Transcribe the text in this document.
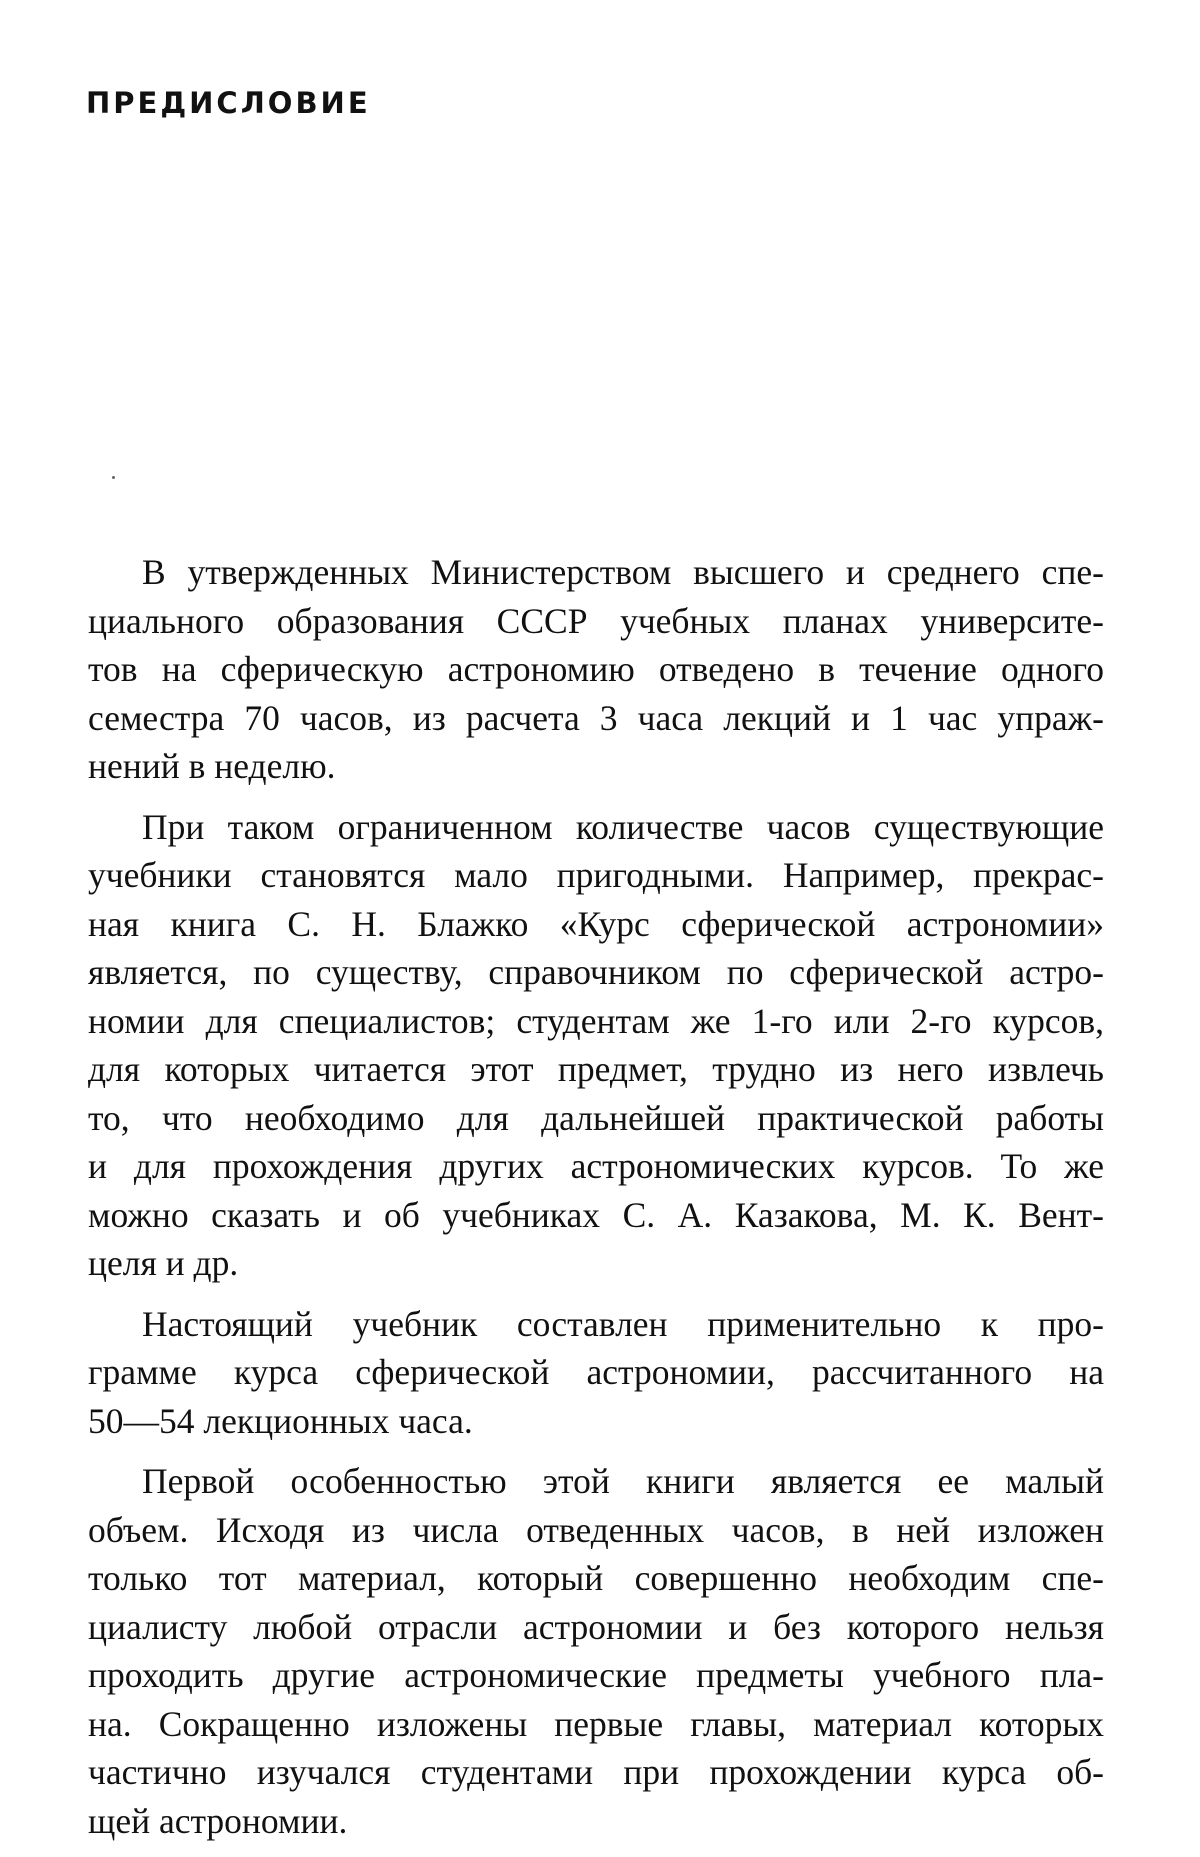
ПРЕДИСЛОВИЕ
В утвержденных Министерством высшего и среднего спе-
циального образования СССР учебных планах университе-
тов на сферическую астрономию отведено в течение одного
семестра 70 часов, из расчета 3 часа лекций и 1 час упраж-
нений в неделю.
При таком ограниченном количестве часов существующие
учебники становятся мало пригодными. Например, прекрас-
ная книга С. Н. Блажко «Курс сферической астрономии»
является, по существу, справочником по сферической астро-
номии для специалистов; студентам же 1-го или 2-го курсов,
для которых читается этот предмет, трудно из него извлечь
то, что необходимо для дальнейшей практической работы
и для прохождения других астрономических курсов. То же
можно сказать и об учебниках С. А. Казакова, М. К. Вент-
целя и др.
Настоящий учебник составлен применительно к про-
грамме курса сферической астрономии, рассчитанного на
50—54 лекционных часа.
Первой особенностью этой книги является ее малый
объем. Исходя из числа отведенных часов, в ней изложен
только тот материал, который совершенно необходим спе-
циалисту любой отрасли астрономии и без которого нельзя
проходить другие астрономические предметы учебного пла-
на. Сокращенно изложены первые главы, материал которых
частично изучался студентами при прохождении курса об-
щей астрономии.
